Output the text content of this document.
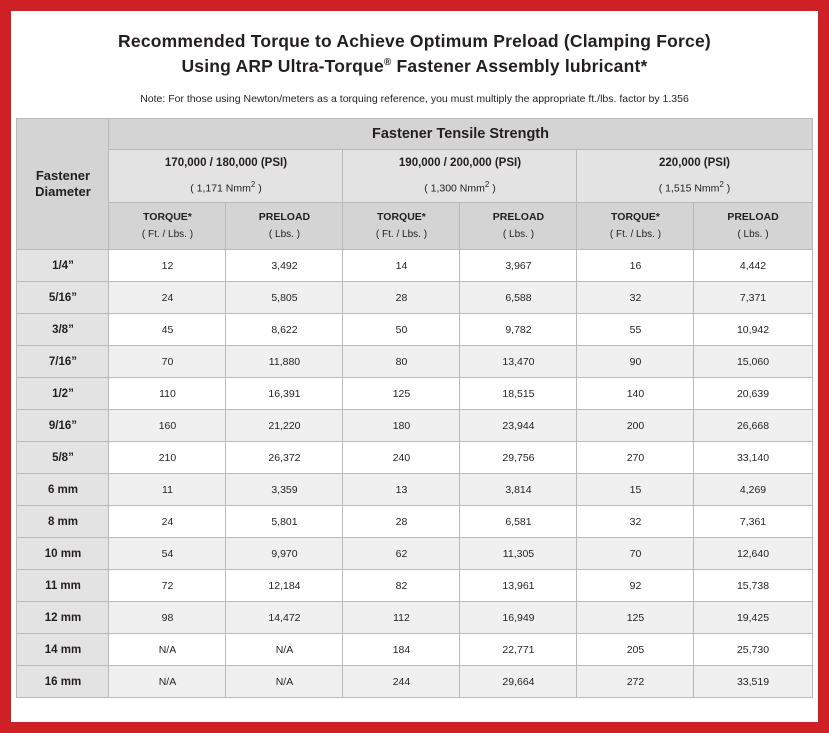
Recommended Torque to Achieve Optimum Preload (Clamping Force)
Using ARP Ultra-Torque® Fastener Assembly lubricant*
Note: For those using Newton/meters as a torquing reference, you must multiply the appropriate ft./lbs. factor by 1.356
Fastener
Diameter	Fastener Tensile Strength					
	170,000 / 180,000 (PSI)
( 1,171 Nmm$^2$ )		190,000 / 200,000 (PSI)
( 1,300 Nmm$^2$ )		220,000 (PSI)
( 1,515 Nmm$^2$ )	

	TORQUE*
( Ft. / Lbs. )	PRELOAD
( Lbs. )	TORQUE*
( Ft. / Lbs. )	PRELOAD
( Lbs. )	TORQUE*
( Ft. / Lbs. )	PRELOAD
( Lbs. )

1/4”	12	3,492	14	3,967	16	4,442
5/16”	24	5,805	28	6,588	32	7,371
3/8”	45	8,622	50	9,782	55	10,942
7/16”	70	11,880	80	13,470	90	15,060
1/2”	110	16,391	125	18,515	140	20,639
9/16”	160	21,220	180	23,944	200	26,668
5/8”	210	26,372	240	29,756	270	33,140
6 mm	11	3,359	13	3,814	15	4,269
8 mm	24	5,801	28	6,581	32	7,361
10 mm	54	9,970	62	11,305	70	12,640
11 mm	72	12,184	82	13,961	92	15,738
12 mm	98	14,472	112	16,949	125	19,425
14 mm	N/A	N/A	184	22,771	205	25,730
16 mm	N/A	N/A	244	29,664	272	33,519
